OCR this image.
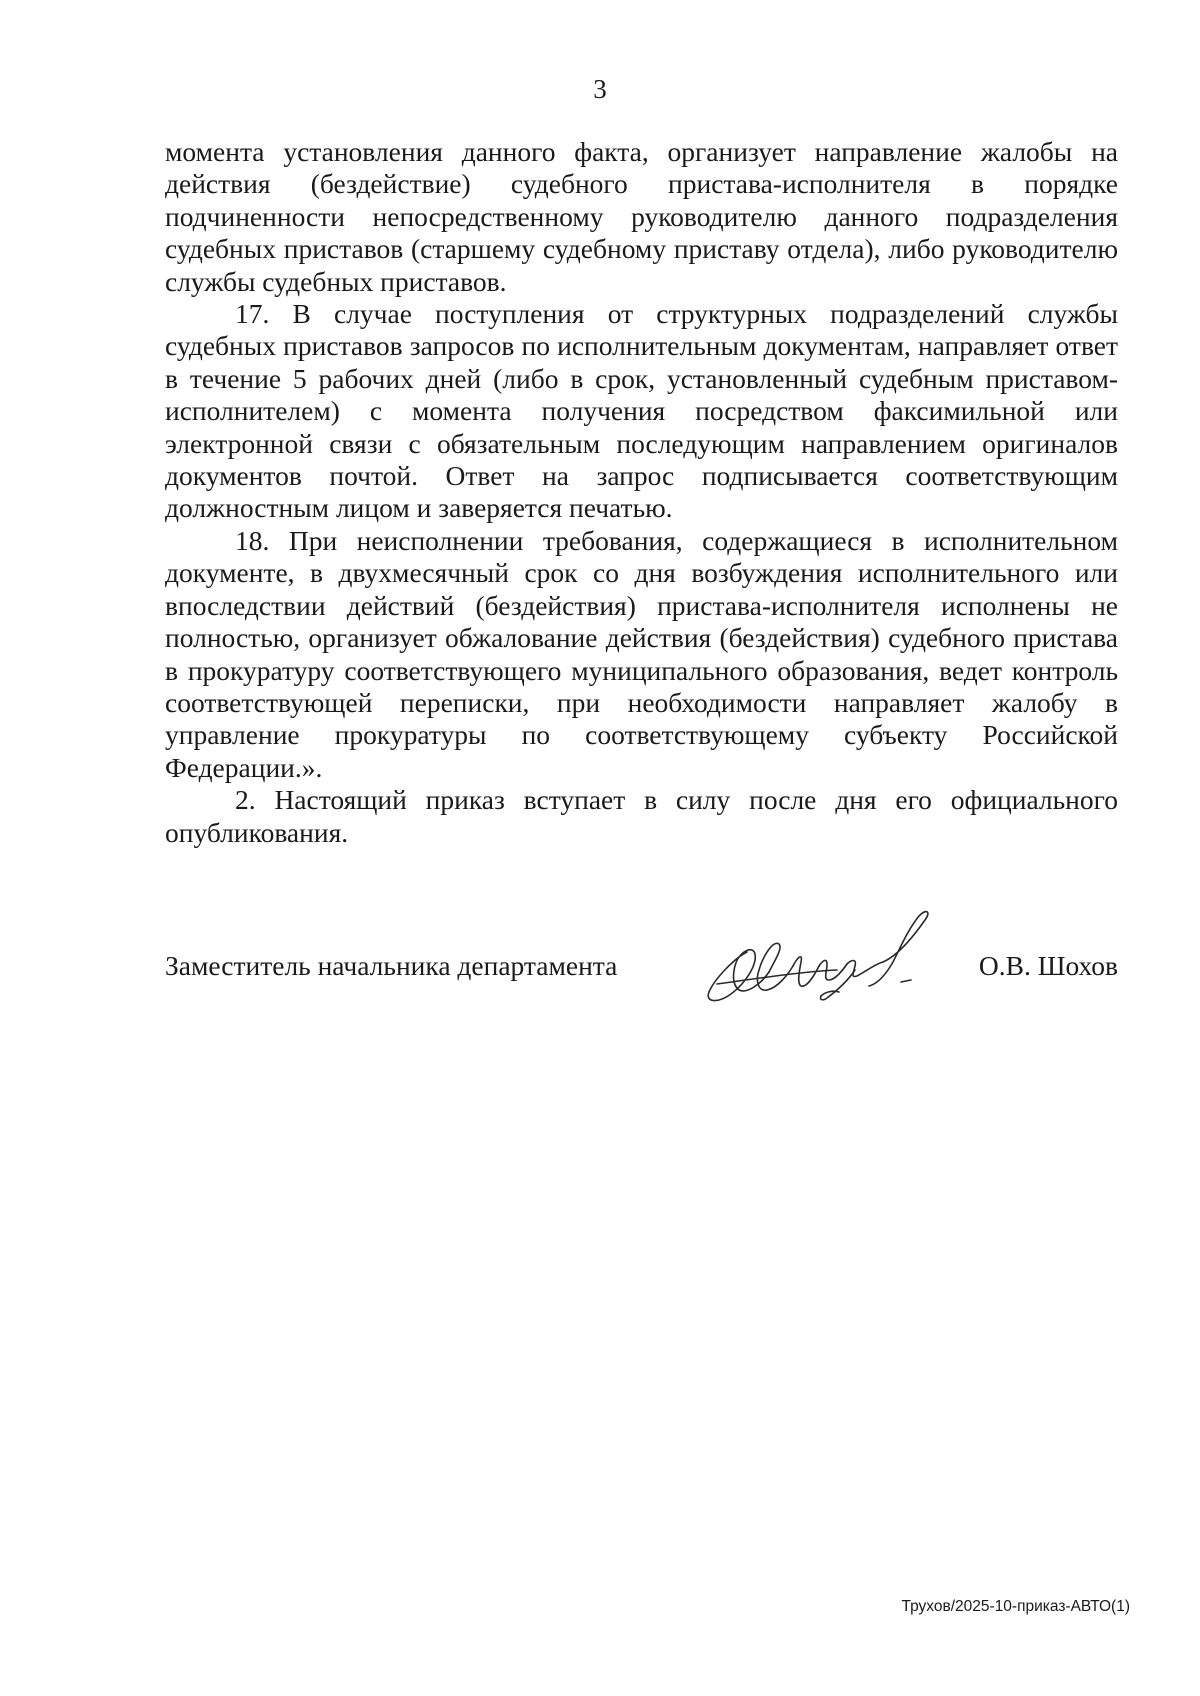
3

момента установления данного факта, организует направление жалобы на действия (бездействие) судебного пристава-исполнителя в порядке подчиненности непосредственному руководителю данного подразделения судебных приставов (старшему судебному приставу отдела), либо руководителю службы судебных приставов.

17. В случае поступления от структурных подразделений службы судебных приставов запросов по исполнительным документам, направляет ответ в течение 5 рабочих дней (либо в срок, установленный судебным приставом-исполнителем) с момента получения посредством факсимильной или электронной связи с обязательным последующим направлением оригиналов документов почтой. Ответ на запрос подписывается соответствующим должностным лицом и заверяется печатью.

18. При неисполнении требования, содержащиеся в исполнительном документе, в двухмесячный срок со дня возбуждения исполнительного или впоследствии действий (бездействия) пристава-исполнителя исполнены не полностью, организует обжалование действия (бездействия) судебного пристава в прокуратуру соответствующего муниципального образования, ведет контроль соответствующей переписки, при необходимости направляет жалобу в управление прокуратуры по соответствующему субъекту Российской Федерации.».

2. Настоящий приказ вступает в силу после дня его официального опубликования.

Заместитель начальника департамента	О.В. Шохов
Трухов/2025-10-приказ-АВТО(1)
